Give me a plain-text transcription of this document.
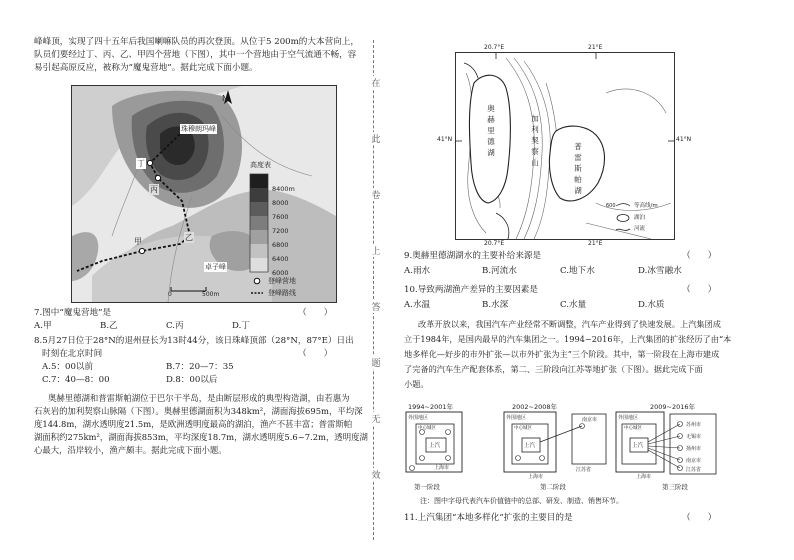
峰峰顶，实现了四十五年后我国喇嘛队员的再次登顶。从位于5 200m的大本营向上，
队员们要经过丁、丙、乙、甲四个营地（下图），其中一个营地由于空气流通不畅，容
易引起高原反应，被称为“魔鬼营地”。据此完成下面小题。
N
珠穆朗玛峰
丁
丙
乙
甲
卓子峰
0	500m
高度表
8400m
8000
7600
7200
6800
6400
6000
登峰营地
登峰路线
7.图中“魔鬼营地”是	（　　）
A.甲	B.乙	C.丙	D.丁
8.5月27日位于28°N的退州昼长为13时44分，该日珠峰顶部（28°N，87°E）日出
时刻在北京时间	（　　）
A.5：00以前	B.7：20—7：35
C.7：40—8：00	D.8：00以后
奥赫里德湖和普雷斯帕湖位于巴尔干半岛，是由断层形成的典型构造湖，由若惠为
石灰岩的加利契察山脉隔（下图）。奥赫里德湖面积为348km²，湖面海拔695m，平均深
度144.8m，湖水透明度21.5m，是欧洲透明度最高的湖泊，渔产不甚丰富；普雷斯帕
湖面积约275km²，湖面海拔853m，平均深度18.7m，湖水透明度5.6~7.2m，透明度湖
心最大，沿岸较小，渔产颇丰。据此完成下面小题。
在
此
卷
上
答
题
无
效
奥
赫
里
德
湖
普
雷
斯
帕
湖
加
利
契
察
山
等高线/m
湖泊
河流
600
20.7°E	21°E
20.7°E	21°E
41°N	41°N
9.奥赫里德湖湖水的主要补给来源是	（　　）
A.雨水	B.河流水	C.地下水	D.冰雪融水
10.导致两湖渔产差异的主要因素是	（　　）
A.水温	B.水深	C.水量	D.水质
改革开放以来，我国汽车产业经常不断调整，汽车产业得到了快速发展。上汽集团成
立于1984年，是国内最早的汽车集团之一。1994~2016年，上汽集团的扩张经历了由“本
地多样化—好步的市外扩张—以市外扩张为主”三个阶段。其中，第一阶段在上海市建成
了完备的汽车生产配套体系，第二、三阶段向江苏等地扩张（下图）。据此完成下面
小题。
1994~2001年	2002~2008年	2009~2016年
外围地区
中心城区
上汽
上海市
外围地区
中心城区
上汽
上海市
南京市
江苏省
外围地区
中心城区
上汽
上海市
苏州市
无锡市
扬州市
南京市
江苏省
第一阶段	第二阶段	第三阶段
注：图中字母代表汽车价值链中的总部、研发、制造、销售环节。
11.上汽集团“本地多样化”扩张的主要目的是	（　　）
